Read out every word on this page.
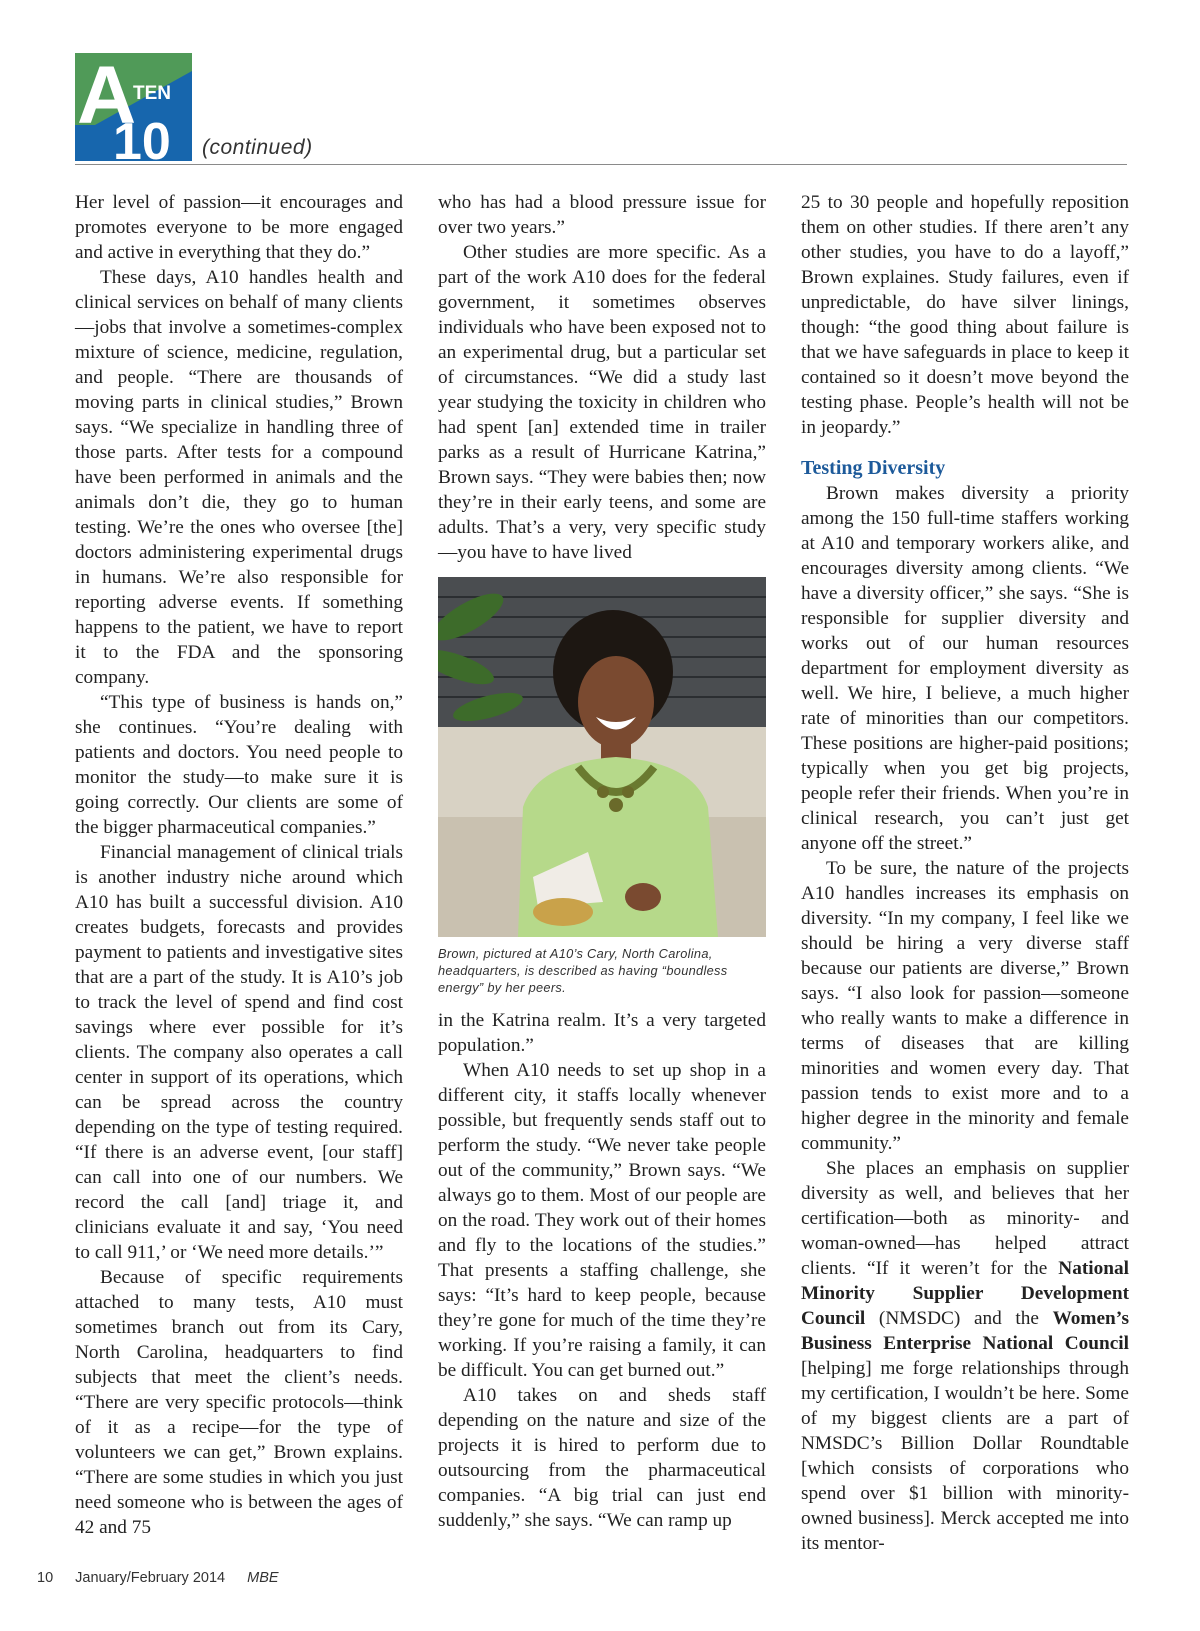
A
TEN
10 (continued)

Her level of passion—it encourages and promotes everyone to be more engaged and active in everything that they do.”

These days, A10 handles health and clinical services on behalf of many clients—jobs that involve a sometimes-complex mixture of science, medicine, regulation, and people. “There are thousands of moving parts in clinical studies,” Brown says. “We specialize in handling three of those parts. After tests for a compound have been performed in animals and the animals don’t die, they go to human testing. We’re the ones who oversee [the] doctors administering experimental drugs in humans. We’re also responsible for reporting adverse events. If something happens to the patient, we have to report it to the FDA and the sponsoring company.

“This type of business is hands on,” she continues. “You’re dealing with patients and doctors. You need people to monitor the study—to make sure it is going correctly. Our clients are some of the bigger pharmaceutical companies.”

Financial management of clinical trials is another industry niche around which A10 has built a successful division. A10 creates budgets, forecasts and provides payment to patients and investigative sites that are a part of the study. It is A10’s job to track the level of spend and find cost savings where ever possible for it’s clients. The company also operates a call center in support of its operations, which can be spread across the country depending on the type of testing required. “If there is an adverse event, [our staff] can call into one of our numbers. We record the call [and] triage it, and clinicians evaluate it and say, ‘You need to call 911,’ or ‘We need more details.’”

Because of specific requirements attached to many tests, A10 must sometimes branch out from its Cary, North Carolina, headquarters to find subjects that meet the client’s needs. “There are very specific protocols—think of it as a recipe—for the type of volunteers we can get,” Brown explains. “There are some studies in which you just need someone who is between the ages of 42 and 75

who has had a blood pressure issue for over two years.”

Other studies are more specific. As a part of the work A10 does for the federal government, it sometimes observes individuals who have been exposed not to an experimental drug, but a particular set of circumstances. “We did a study last year studying the toxicity in children who had spent [an] extended time in trailer parks as a result of Hurricane Katrina,” Brown says. “They were babies then; now they’re in their early teens, and some are adults. That’s a very, very specific study—you have to have lived

Brown, pictured at A10’s Cary, North Carolina, headquarters, is described as having “boundless energy” by her peers.

in the Katrina realm. It’s a very targeted population.”

When A10 needs to set up shop in a different city, it staffs locally whenever possible, but frequently sends staff out to perform the study. “We never take people out of the community,” Brown says. “We always go to them. Most of our people are on the road. They work out of their homes and fly to the locations of the studies.” That presents a staffing challenge, she says: “It’s hard to keep people, because they’re gone for much of the time they’re working. If you’re raising a family, it can be difficult. You can get burned out.”

A10 takes on and sheds staff depending on the nature and size of the projects it is hired to perform due to outsourcing from the pharmaceutical companies. “A big trial can just end suddenly,” she says. “We can ramp up

25 to 30 people and hopefully reposition them on other studies. If there aren’t any other studies, you have to do a layoff,” Brown explaines. Study failures, even if unpredictable, do have silver linings, though: “the good thing about failure is that we have safeguards in place to keep it contained so it doesn’t move beyond the testing phase. People’s health will not be in jeopardy.”

Testing Diversity

Brown makes diversity a priority among the 150 full-time staffers working at A10 and temporary workers alike, and encourages diversity among clients. “We have a diversity officer,” she says. “She is responsible for supplier diversity and works out of our human resources department for employment diversity as well. We hire, I believe, a much higher rate of minorities than our competitors. These positions are higher-paid positions; typically when you get big projects, people refer their friends. When you’re in clinical research, you can’t just get anyone off the street.”

To be sure, the nature of the projects A10 handles increases its emphasis on diversity. “In my company, I feel like we should be hiring a very diverse staff because our patients are diverse,” Brown says. “I also look for passion—someone who really wants to make a difference in terms of diseases that are killing minorities and women every day. That passion tends to exist more and to a higher degree in the minority and female community.”

She places an emphasis on supplier diversity as well, and believes that her certification—both as minority- and woman-owned—has helped attract clients. “If it weren’t for the National Minority Supplier Development Council (NMSDC) and the Women’s Business Enterprise National Council [helping] me forge relationships through my certification, I wouldn’t be here. Some of my biggest clients are a part of NMSDC’s Billion Dollar Roundtable [which consists of corporations who spend over $1 billion with minority-owned business]. Merck accepted me into its mentor-

10 January/February 2014 MBE
